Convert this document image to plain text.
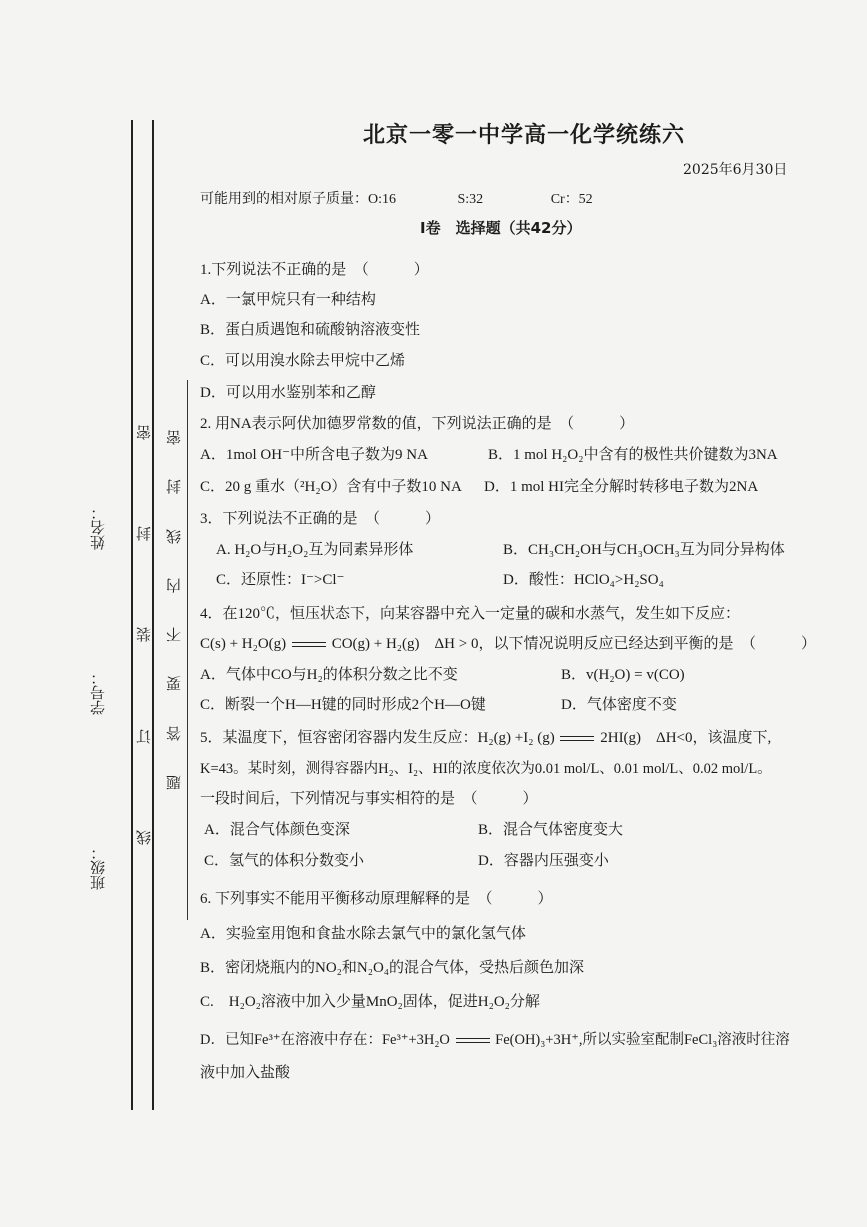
线
订
装
封
密
题
答
要
不
内
线
封
密
班级：
学号：
姓名：
北京一零一中学高一化学统练六
2025年6月30日
可能用到的相对原子质量：O:16	S:32	Cr：52
I卷　选择题（共42分）
1.下列说法不正确的是　（　　　）
A．一氯甲烷只有一种结构
B．蛋白质遇饱和硫酸钠溶液变性
C．可以用溴水除去甲烷中乙烯
D．可以用水鉴别苯和乙醇
2. 用NA表示阿伏加德罗常数的值，下列说法正确的是　（　　　）
A．1mol OH⁻中所含电子数为9 NA	B．1 mol H₂O₂中含有的极性共价键数为3NA
C．20 g 重水（²H₂O）含有中子数10 NA D．1 mol HI完全分解时转移电子数为2NA
3．下列说法不正确的是　（　　　）
A. H₂O与H₂O₂互为同素异形体	B．CH₃CH₂OH与CH₃OCH₃互为同分异构体
C．还原性：I⁻>Cl⁻	D．酸性：HClO₄>H₂SO₄
4．在120℃，恒压状态下，向某容器中充入一定量的碳和水蒸气，发生如下反应：
C(s) + H₂O(g)	CO(g) + H₂(g)　ΔH > 0，以下情况说明反应已经达到平衡的是　（　　　）
A．气体中CO与H₂的体积分数之比不变	B．v(H₂O) = v(CO)
C．断裂一个H—H键的同时形成2个H—O键	D．气体密度不变
5．某温度下，恒容密闭容器内发生反应：H₂(g) +I₂ (g)	2HI(g)　ΔH<0，该温度下,
K=43。某时刻，测得容器内H₂、I₂、HI的浓度依次为0.01 mol/L、0.01 mol/L、0.02 mol/L。
一段时间后，下列情况与事实相符的是　（　　　）
A．混合气体颜色变深	B．混合气体密度变大
C．氢气的体积分数变小	D．容器内压强变小
6. 下列事实不能用平衡移动原理解释的是　（　　　）
A．实验室用饱和食盐水除去氯气中的氯化氢气体
B．密闭烧瓶内的NO₂和N₂O₄的混合气体，受热后颜色加深
C.　H₂O₂溶液中加入少量MnO₂固体，促进H₂O₂分解
D．已知Fe³⁺在溶液中存在：Fe³⁺+3H₂O	Fe(OH)₃+3H⁺,所以实验室配制FeCl₃溶液时往溶
液中加入盐酸
